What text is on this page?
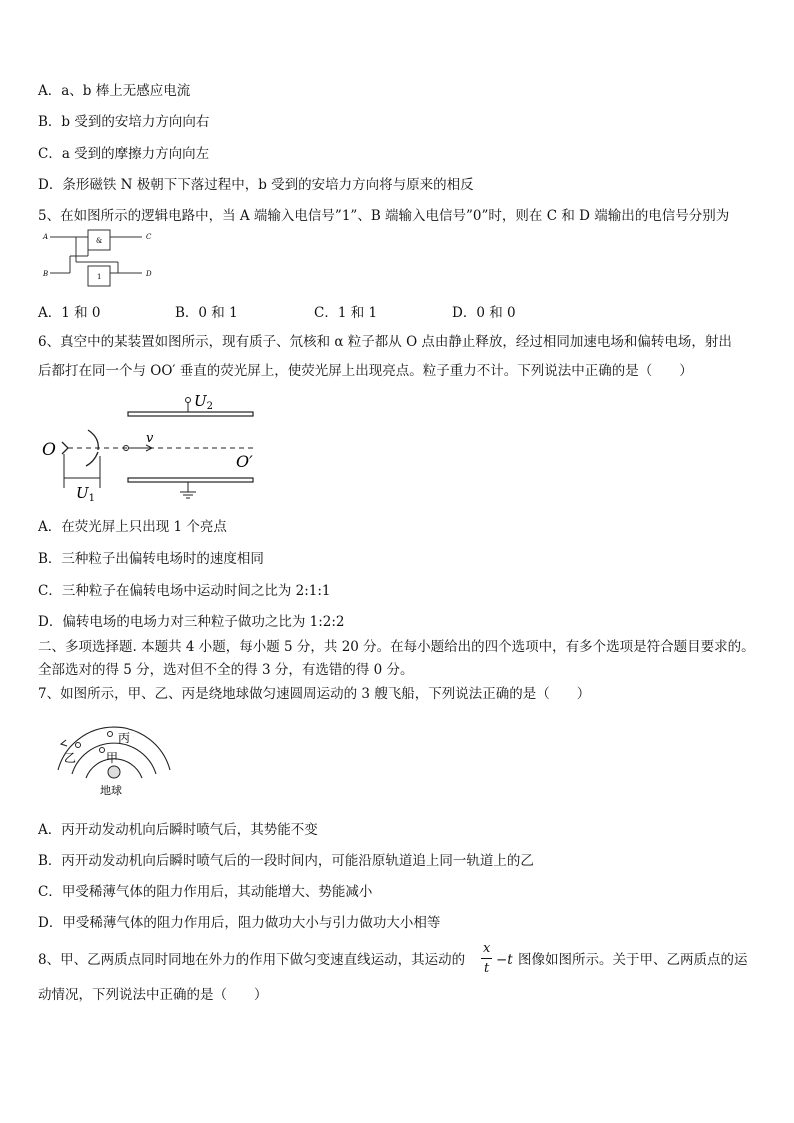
A．a、b 棒上无感应电流
B．b 受到的安培力方向向右
C．a 受到的摩擦力方向向左
D．条形磁铁 N 极朝下下落过程中，b 受到的安培力方向将与原来的相反
5、在如图所示的逻辑电路中，当 A 端输入电信号”1”、B 端输入电信号”0”时，则在 C 和 D 端输出的电信号分别为
A
B
C
D
&
1
A．1 和 0	B．0 和 1	C．1 和 1	D．0 和 0
6、真空中的某装置如图所示，现有质子、氘核和 α 粒子都从 O 点由静止释放，经过相同加速电场和偏转电场，射出
后都打在同一个与 OO′ 垂直的荧光屏上，使荧光屏上出现亮点。粒子重力不计。下列说法中正确的是（　　）
O
O′
$U_1$
$U_2$
v
A．在荧光屏上只出现 1 个亮点
B．三种粒子出偏转电场时的速度相同
C．三种粒子在偏转电场中运动时间之比为 2:1:1
D．偏转电场的电场力对三种粒子做功之比为 1:2:2
二、多项选择题. 本题共 4 小题，每小题 5 分，共 20 分。在每小题给出的四个选项中，有多个选项是符合题目要求的。
全部选对的得 5 分，选对但不全的得 3 分，有选错的得 0 分。
7、如图所示，甲、乙、丙是绕地球做匀速圆周运动的 3 艘飞船，下列说法正确的是（　　）
丙
乙 甲
地球
A．丙开动发动机向后瞬时喷气后，其势能不变
B．丙开动发动机向后瞬时喷气后的一段时间内，可能沿原轨道追上同一轨道上的乙
C．甲受稀薄气体的阻力作用后，其动能增大、势能减小
D．甲受稀薄气体的阻力作用后，阻力做功大小与引力做功大小相等
8、甲、乙两质点同时同地在外力的作用下做匀变速直线运动，其运动的
x
t
−t 图像如图所示。关于甲、乙两质点的运
动情况，下列说法中正确的是（　　）
